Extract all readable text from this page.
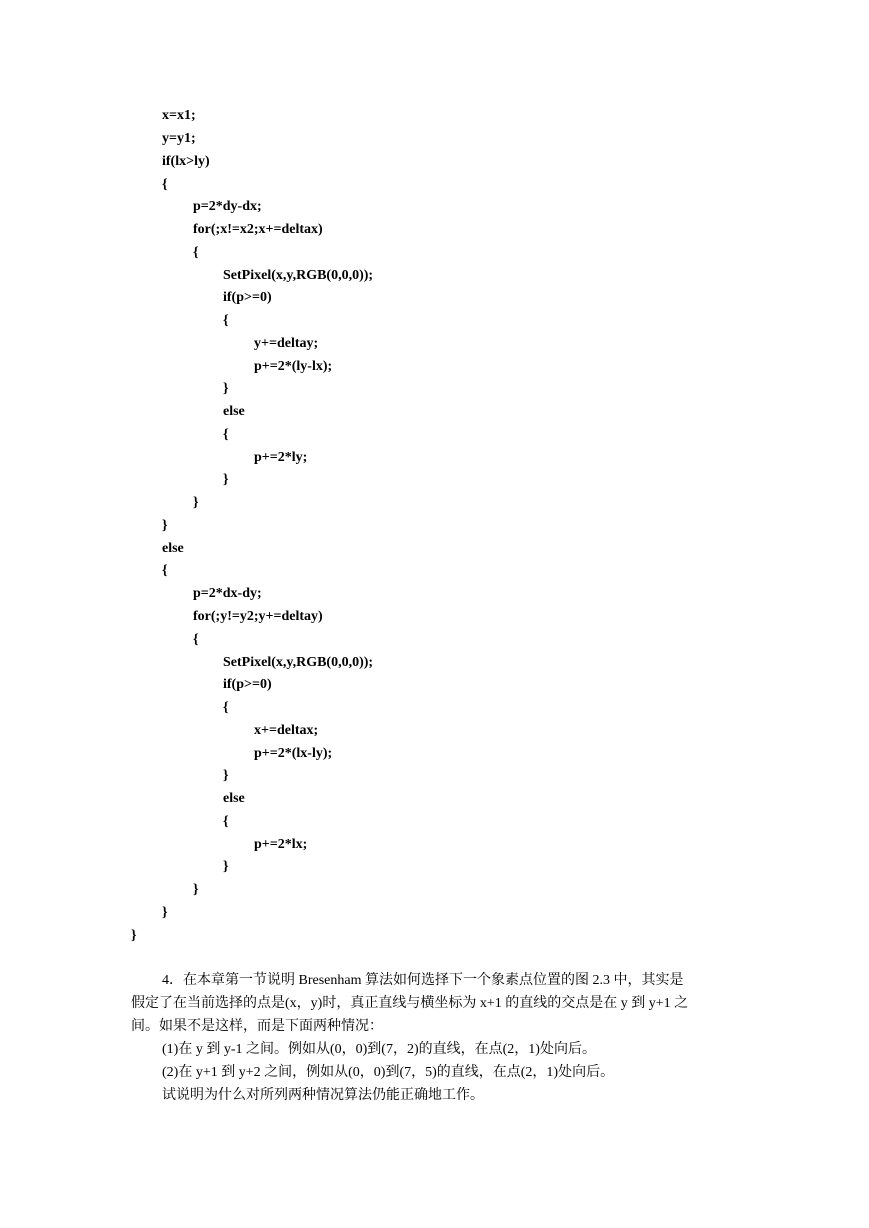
x=x1;
y=y1;
if(lx>ly)
{
p=2*dy-dx;
for(;x!=x2;x+=deltax)
{
SetPixel(x,y,RGB(0,0,0));
if(p>=0)
{
y+=deltay;
p+=2*(ly-lx);
}
else
{
p+=2*ly;
}
}
}
else
{
p=2*dx-dy;
for(;y!=y2;y+=deltay)
{
SetPixel(x,y,RGB(0,0,0));
if(p>=0)
{
x+=deltax;
p+=2*(lx-ly);
}
else
{
p+=2*lx;
}
}
}
}
4．在本章第一节说明 Bresenham 算法如何选择下一个象素点位置的图 2.3 中，其实是
假定了在当前选择的点是(x，y)时，真正直线与横坐标为 x+1 的直线的交点是在 y 到 y+1 之
间。如果不是这样，而是下面两种情况：
(1)在 y 到 y-1 之间。例如从(0，0)到(7，2)的直线，在点(2，1)处向后。
(2)在 y+1 到 y+2 之间，例如从(0，0)到(7，5)的直线，在点(2，1)处向后。
试说明为什么对所列两种情况算法仍能正确地工作。
